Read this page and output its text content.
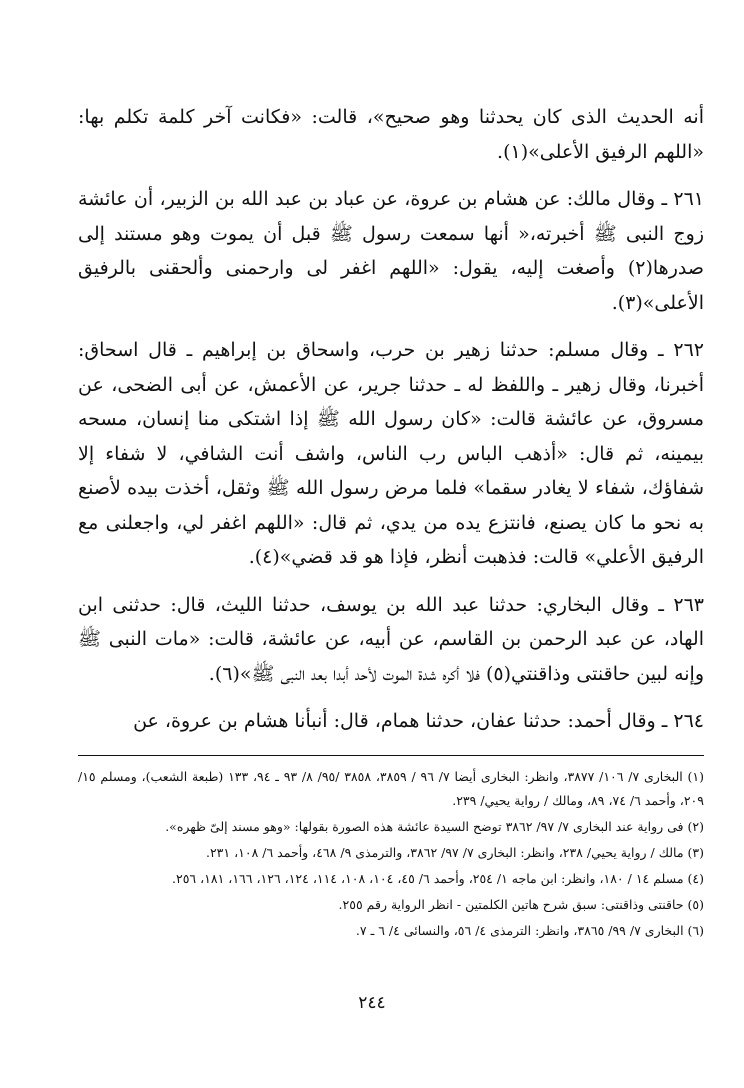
أنه الحديث الذى كان يحدثنا وهو صحيح»، قالت: «فكانت آخر كلمة تكلم بها: «اللهم الرفيق الأعلى»(١).

٢٦١ ـ وقال مالك: عن هشام بن عروة، عن عباد بن عبد الله بن الزبير، أن عائشة زوج النبى ﷺ أخبرته،« أنها سمعت رسول ﷺ قبل أن يموت وهو مستند إلى صدرها(٢) وأصغت إليه، يقول: «اللهم اغفر لى وارحمنى وألحقنى بالرفيق الأعلى»(٣).

٢٦٢ ـ وقال مسلم: حدثنا زهير بن حرب، واسحاق بن إبراهيم ـ قال اسحاق: أخبرنا، وقال زهير ـ واللفظ له ـ حدثنا جرير، عن الأعمش، عن أبى الضحى، عن مسروق، عن عائشة قالت: «كان رسول الله ﷺ إذا اشتكى منا إنسان، مسحه بيمينه، ثم قال: «أذهب الباس رب الناس، واشف أنت الشافي، لا شفاء إلا شفاؤك، شفاء لا يغادر سقما» فلما مرض رسول الله ﷺ وثقل، أخذت بيده لأصنع به نحو ما كان يصنع، فانتزع يده من يدي، ثم قال: «اللهم اغفر لي، واجعلنى مع الرفيق الأعلي» قالت: فذهبت أنظر، فإذا هو قد قضي»(٤).

٢٦٣ ـ وقال البخاري: حدثنا عبد الله بن يوسف، حدثنا الليث، قال: حدثنى ابن الهاد، عن عبد الرحمن بن القاسم، عن أبيه، عن عائشة، قالت: «مات النبى ﷺ وإنه لبين حاقنتى وذاقنتي(٥) فلا أكره شدة الموت لأحد أبدا بعد النبى ﷺ»(٦).

٢٦٤ ـ وقال أحمد: حدثنا عفان، حدثنا همام، قال: أنبأنا هشام بن عروة، عن

(١) البخارى ٧/ ١٠٦/ ٣٨٧٧، وانظر: البخارى أيضا ٧/ ٩٦ / ٣٨٥٩، ٣٨٥٨ /٩٥/ ٨/ ٩٣ ـ ٩٤، ١٣٣ (طبعة الشعب)، ومسلم ١٥/ ٢٠٩، وأحمد ٦/ ٧٤، ٨٩، ومالك / رواية يحيي/ ٢٣٩.

(٢) فى رواية عند البخارى ٧/ ٩٧/ ٣٨٦٢ توضح السيدة عائشة هذه الصورة بقولها: «وهو مسند إلىّ ظهره».

(٣) مالك / رواية يحيي/ ٢٣٨، وانظر: البخارى ٧/ ٩٧/ ٣٨٦٢، والترمذى ٩/ ٤٦٨، وأحمد ٦/ ١٠٨، ٢٣١.

(٤) مسلم ١٤ / ١٨٠، وانظر: ابن ماجه ١/ ٢٥٤، وأحمد ٦/ ٤٥، ١٠٤، ١٠٨، ١١٤، ١٢٤، ١٢٦، ١٦٦، ١٨١، ٢٥٦.

(٥) حاقنتى وذاقنتى: سبق شرح هاتين الكلمتين - انظر الرواية رقم ٢٥٥.

(٦) البخارى ٧/ ٩٩/ ٣٨٦٥، وانظر: الترمذى ٤/ ٥٦، والنسائى ٤/ ٦ ـ ٧.

٢٤٤
